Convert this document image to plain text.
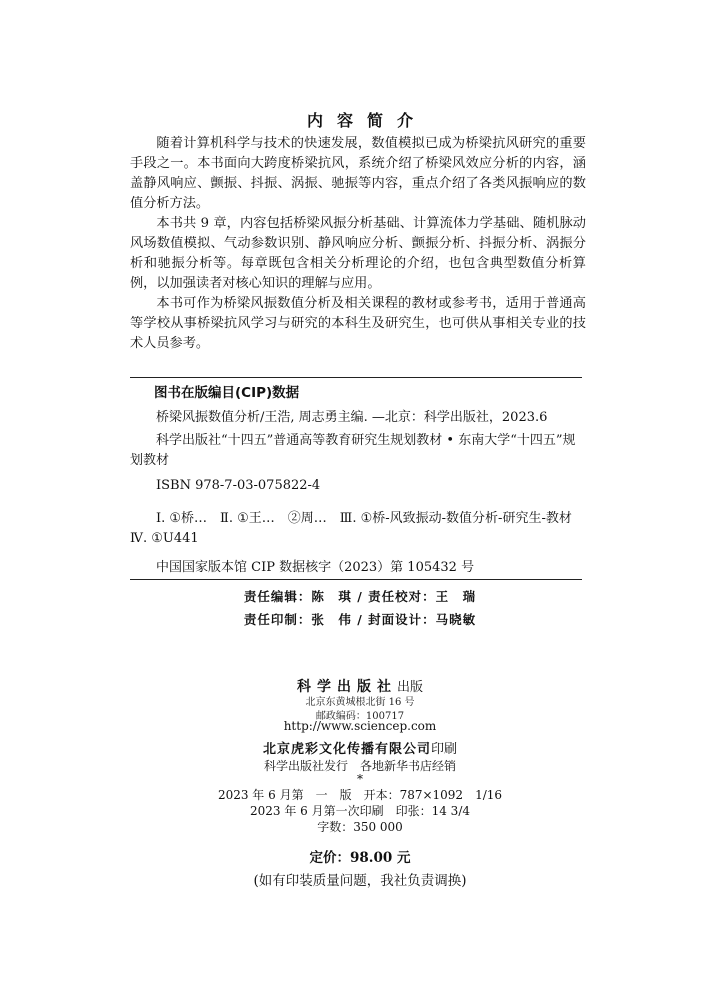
内容简介

随着计算机科学与技术的快速发展，数值模拟已成为桥梁抗风研究的重要手段之一。本书面向大跨度桥梁抗风，系统介绍了桥梁风效应分析的内容，涵盖静风响应、颤振、抖振、涡振、驰振等内容，重点介绍了各类风振响应的数值分析方法。

本书共 9 章，内容包括桥梁风振分析基础、计算流体力学基础、随机脉动风场数值模拟、气动参数识别、静风响应分析、颤振分析、抖振分析、涡振分析和驰振分析等。每章既包含相关分析理论的介绍，也包含典型数值分析算例，以加强读者对核心知识的理解与应用。

本书可作为桥梁风振数值分析及相关课程的教材或参考书，适用于普通高等学校从事桥梁抗风学习与研究的本科生及研究生，也可供从事相关专业的技术人员参考。

图书在版编目(CIP)数据
桥梁风振数值分析/王浩, 周志勇主编. —北京：科学出版社，2023.6
科学出版社“十四五”普通高等教育研究生规划教材 • 东南大学“十四五”规划教材
ISBN 978-7-03-075822-4
Ⅰ. ①桥…　Ⅱ. ①王…　②周…　Ⅲ. ①桥-风致振动-数值分析-研究生-教材　Ⅳ. ①U441
中国国家版本馆 CIP 数据核字（2023）第 105432 号
责任编辑：陈　琪 / 责任校对：王　瑞
责任印制：张　伟 / 封面设计：马晓敏
科学出版社出版
北京东黄城根北街 16 号
邮政编码：100717
http://www.sciencep.com
北京虎彩文化传播有限公司印刷
科学出版社发行　各地新华书店经销
*
2023 年 6 月第　一　版　开本：787×1092　1/16
2023 年 6 月第一次印刷　印张：14 3/4
字数：350 000
定价：98.00 元
(如有印装质量问题，我社负责调换)
